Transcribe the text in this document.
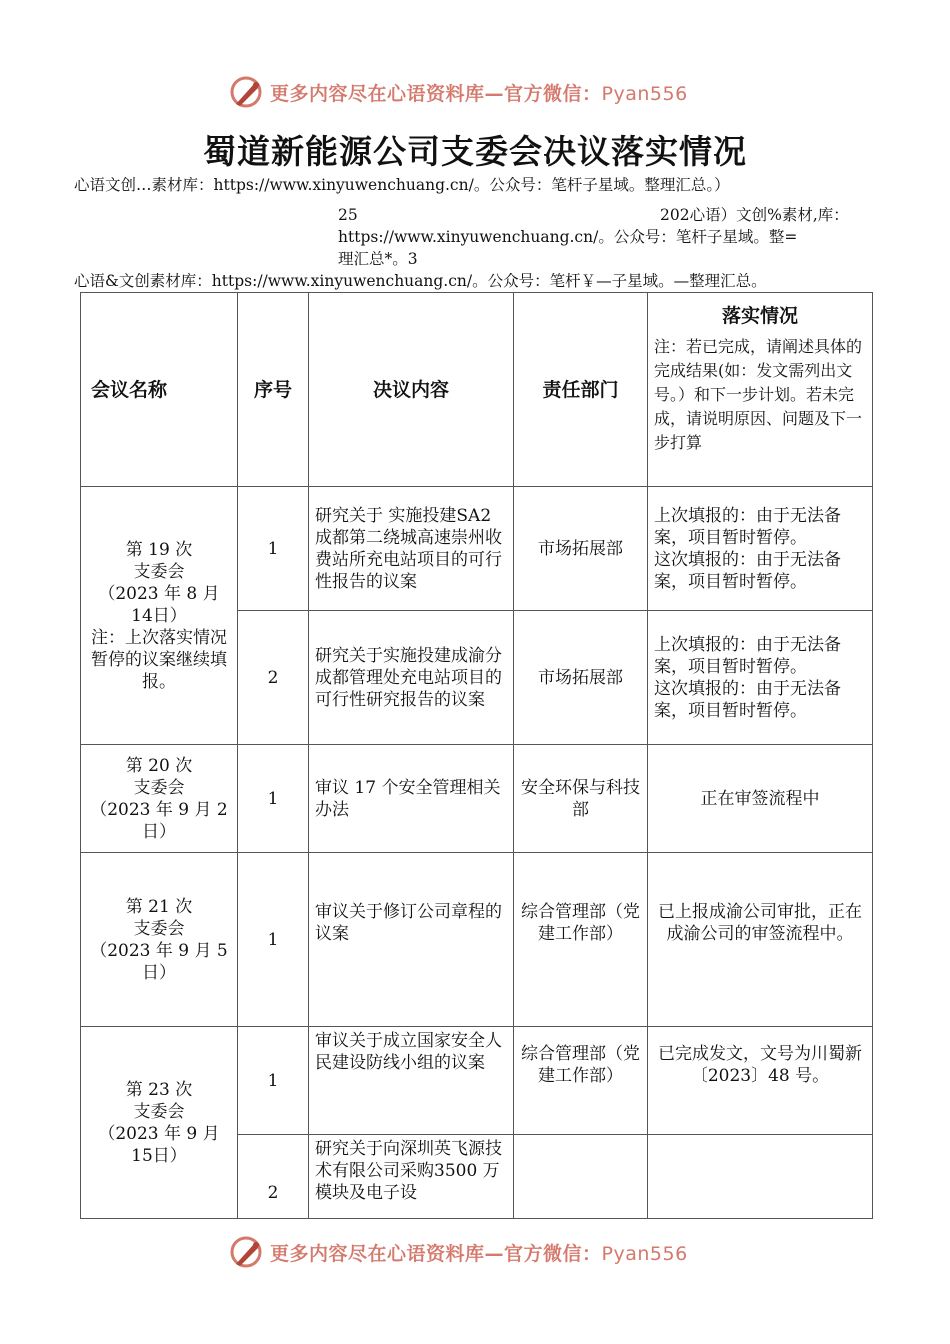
更多内容尽在心语资料库—官方微信：Pyan556
蜀道新能源公司支委会决议落实情况
心语文创…素材库：https://www.xinyuwenchuang.cn/。公众号：笔杆子星域。整理汇总。）
25	202心语）文创%素材,库：
https://www.xinyuwenchuang.cn/。公众号：笔杆子星域。整=
理汇总*。3
心语&文创素材库：https://www.xinyuwenchuang.cn/。公众号：笔杆￥—子星域。—整理汇总。
会议名称	序号	决议内容	责任部门	落实情况
注：若已完成，请阐述具体的完成结果(如：发文需列出文号。）和下一步计划。若未完成，请说明原因、问题及下一步打算

第 19 次
支委会
（2023 年 8 月 14日）
注：上次落实情况暂停的议案继续填报。	1	研究关于 实施投建SA2 成都第二绕城高速崇州收费站所充电站项目的可行性报告的议案	市场拓展部	上次填报的：由于无法备案，项目暂时暂停。
这次填报的：由于无法备案，项目暂时暂停。
	2	研究关于实施投建成渝分成都管理处充电站项目的可行性研究报告的议案	市场拓展部	上次填报的：由于无法备案，项目暂时暂停。
这次填报的：由于无法备案，项目暂时暂停。
第 20 次
支委会
（2023 年 9 月 2日）	1	审议 17 个安全管理相关办法	安全环保与科技部	正在审签流程中
第 21 次
支委会
（2023 年 9 月 5日）	1	审议关于修订公司章程的议案	综合管理部（党建工作部）	已上报成渝公司审批，正在成渝公司的审签流程中。
第 23 次
支委会
（2023 年 9 月 15日）	1	审议关于成立国家安全人民建设防线小组的议案	综合管理部（党建工作部）	已完成发文，文号为川蜀新〔2023〕48 号。
	2	研究关于向深圳英飞源技术有限公司采购3500 万模块及电子设		
更多内容尽在心语资料库—官方微信：Pyan556
